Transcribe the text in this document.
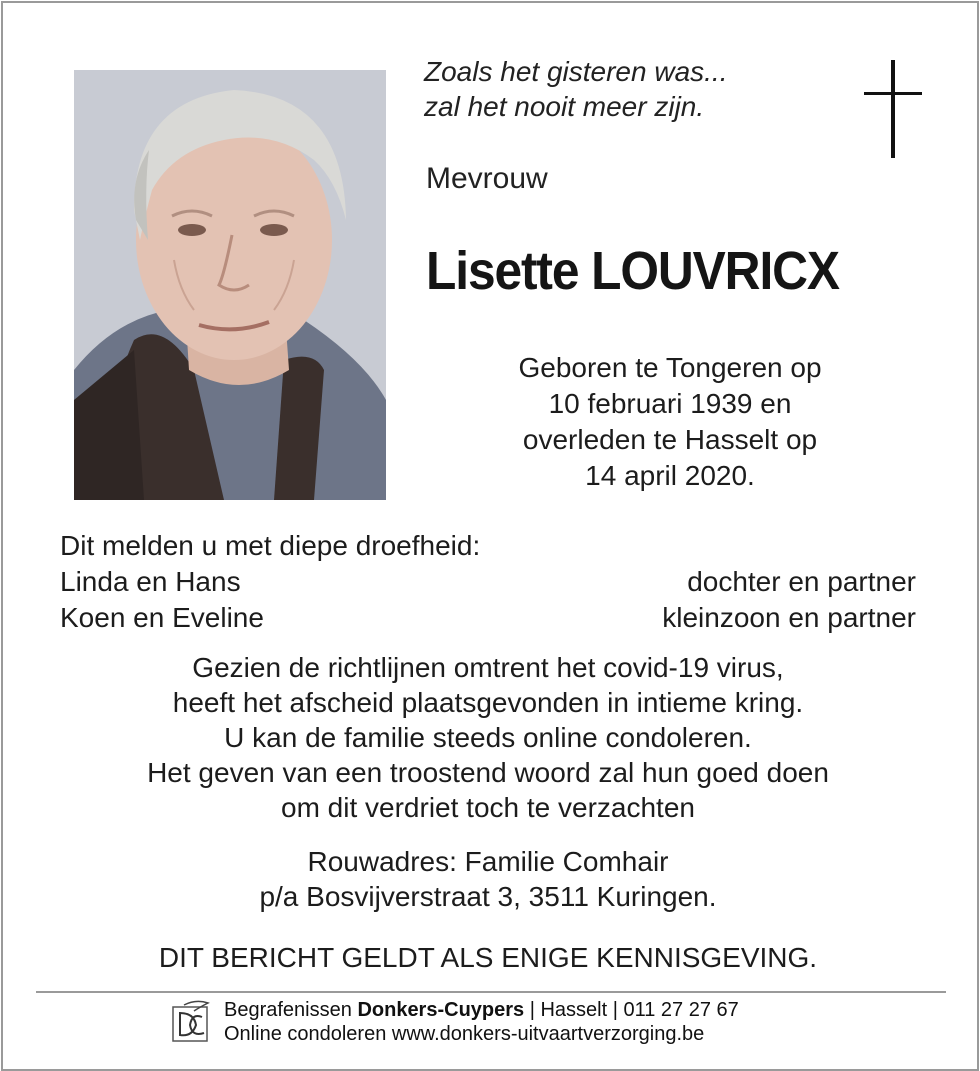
Zoals het gisteren was...
zal het nooit meer zijn.
Mevrouw
Lisette LOUVRICX
Geboren te Tongeren op
10 februari 1939 en
overleden te Hasselt op
14 april 2020.
Dit melden u met diepe droefheid:
Linda en Hans	dochter en partner
Koen en Eveline	kleinzoon en partner
Gezien de richtlijnen omtrent het covid-19 virus,
heeft het afscheid plaatsgevonden in intieme kring.
U kan de familie steeds online condoleren.
Het geven van een troostend woord zal hun goed doen
om dit verdriet toch te verzachten
Rouwadres: Familie Comhair
p/a Bosvijverstraat 3, 3511 Kuringen.
DIT BERICHT GELDT ALS ENIGE KENNISGEVING.
Begrafenissen Donkers-Cuypers | Hasselt | 011 27 27 67
Online condoleren www.donkers-uitvaartverzorging.be
